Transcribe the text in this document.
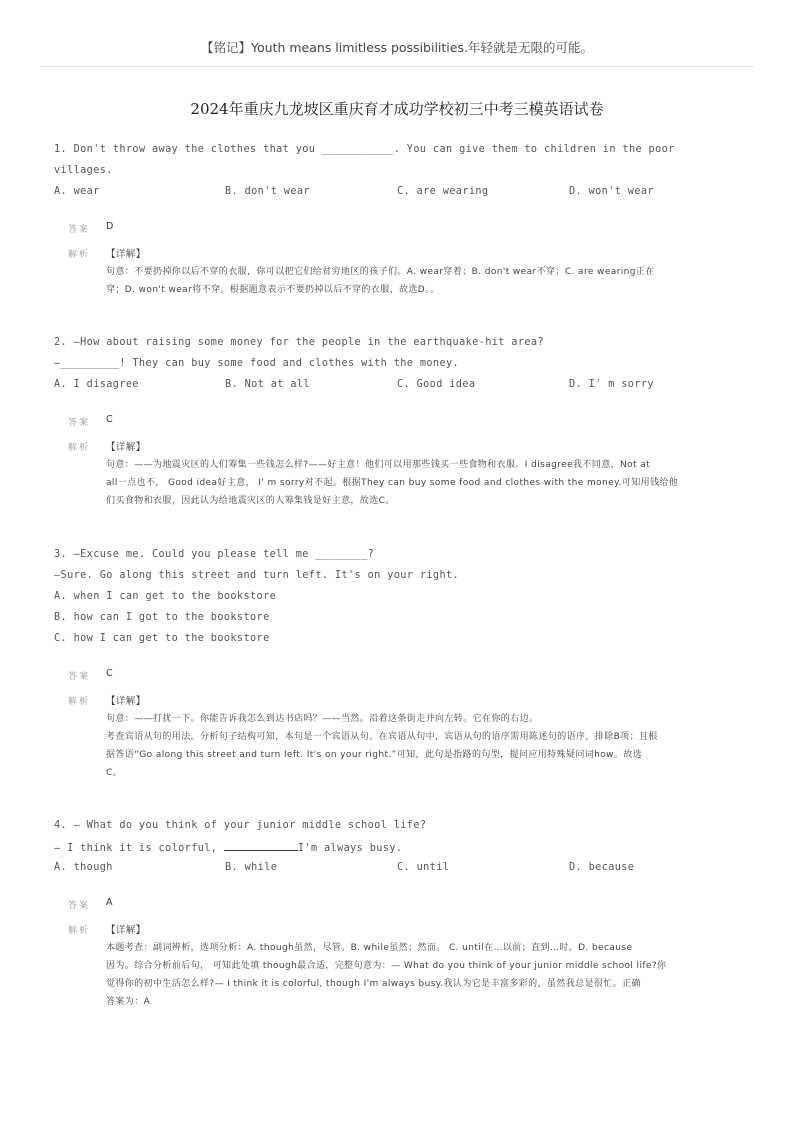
【铭记】Youth means limitless possibilities.年轻就是无限的可能。
2024年重庆九龙坡区重庆育才成功学校初三中考三模英语试卷
1. Don't throw away the clothes that you ___________. You can give them to children in the poor
villages.
A. wear	B. don't wear	C. are wearing	D. won't wear
答案 D
解析 【详解】
句意：不要扔掉你以后不穿的衣服，你可以把它们给贫穷地区的孩子们。A. wear穿着；B. don't wear不穿；C. are wearing正在
穿；D. won't wear将不穿。根据题意表示不要扔掉以后不穿的衣服，故选D。。
2. —How about raising some money for the people in the earthquake-hit area?
—_________! They can buy some food and clothes with the money.
A. I disagree	B. Not at all	C. Good idea	D. I' m sorry
答案 C
解析 【详解】
句意：——为地震灾区的人们筹集一些钱怎么样?——好主意！他们可以用那些钱买一些食物和衣服。I disagree我不同意，Not at
all一点也不， Good idea好主意， I' m sorry对不起。根据They can buy some food and clothes with the money.可知用钱给他
们买食物和衣服，因此认为给地震灾区的人筹集钱是好主意，故选C。
3. —Excuse me. Could you please tell me ________?
—Sure. Go along this street and turn left. It's on your right.
A. when I can get to the bookstore
B. how can I got to the bookstore
C. how I can get to the bookstore
答案 C
解析 【详解】
句意：——打扰一下。你能告诉我怎么到达书店吗？——当然。沿着这条街走并向左转。它在你的右边。
考查宾语从句的用法。分析句子结构可知，本句是一个宾语从句。在宾语从句中，宾语从句的语序需用陈述句的语序，排除B项；且根
据答语“Go along this street and turn left. It's on your right.”可知，此句是指路的句型，提问应用特殊疑问词how。故选
C。
4. — What do you think of your junior middle school life?
— I think it is colorful,	I'm always busy.
A. though	B. while	C. until	D. because
答案 A
解析 【详解】
本题考查：副词辨析，选项分析：A. though虽然，尽管。B. while虽然；然而。 C. until在…以前；直到…时。D. because
因为。综合分析前后句， 可知此处填 though最合适，完整句意为：— What do you think of your junior middle school life?你
觉得你的初中生活怎么样?— I think it is colorful, though I'm always busy.我认为它是丰富多彩的，虽然我总是很忙。正确
答案为：A
